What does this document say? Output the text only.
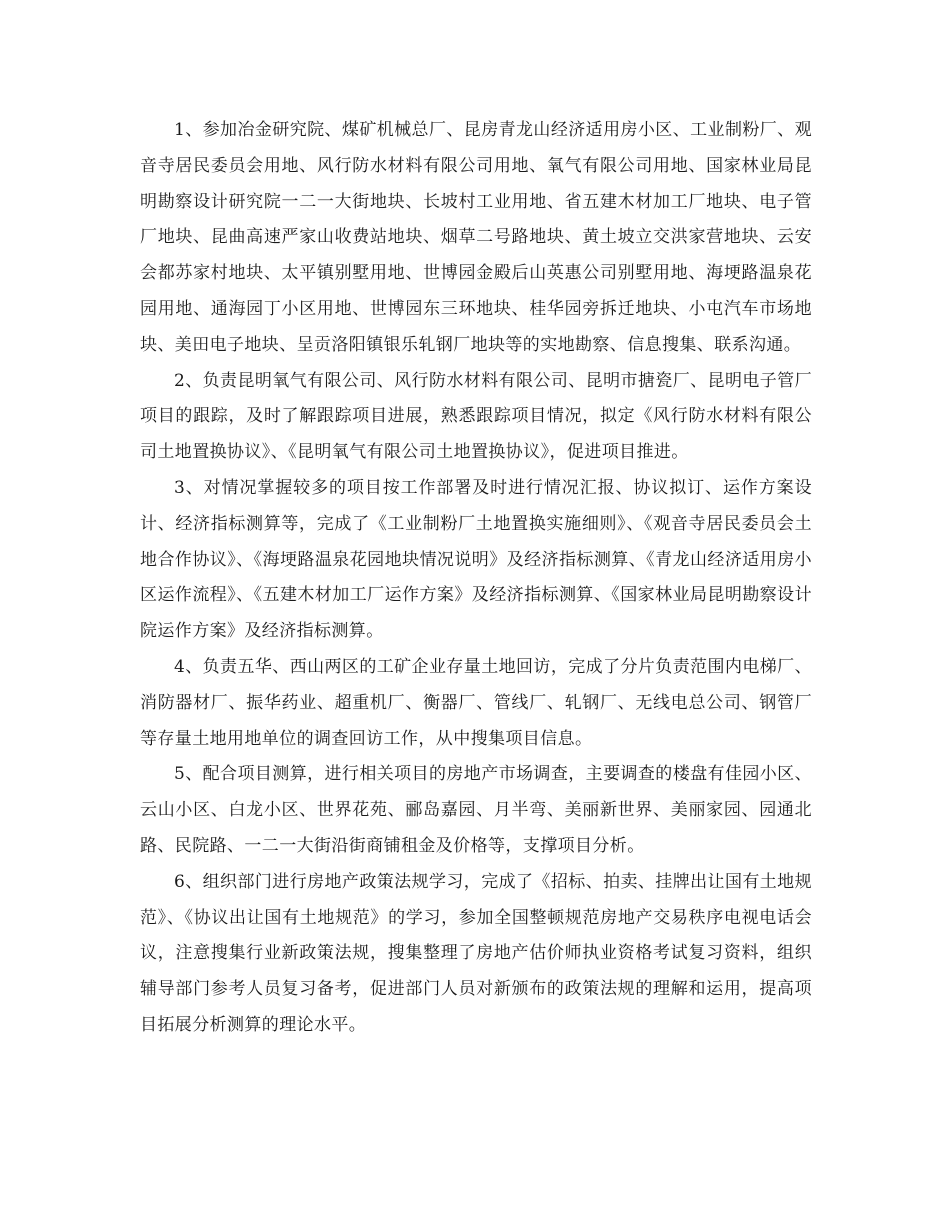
1、参加冶金研究院、煤矿机械总厂、昆房青龙山经济适用房小区、工业制粉厂、观音寺居民委员会用地、风行防水材料有限公司用地、氧气有限公司用地、国家林业局昆明勘察设计研究院一二一大街地块、长坡村工业用地、省五建木材加工厂地块、电子管厂地块、昆曲高速严家山收费站地块、烟草二号路地块、黄土坡立交洪家营地块、云安会都苏家村地块、太平镇别墅用地、世博园金殿后山英惠公司别墅用地、海埂路温泉花园用地、通海园丁小区用地、世博园东三环地块、桂华园旁拆迁地块、小屯汽车市场地块、美田电子地块、呈贡洛阳镇银乐轧钢厂地块等的实地勘察、信息搜集、联系沟通。

2、负责昆明氧气有限公司、风行防水材料有限公司、昆明市搪瓷厂、昆明电子管厂项目的跟踪，及时了解跟踪项目进展，熟悉跟踪项目情况，拟定《风行防水材料有限公司土地置换协议》、《昆明氧气有限公司土地置换协议》，促进项目推进。

3、对情况掌握较多的项目按工作部署及时进行情况汇报、协议拟订、运作方案设计、经济指标测算等，完成了《工业制粉厂土地置换实施细则》、《观音寺居民委员会土地合作协议》、《海埂路温泉花园地块情况说明》及经济指标测算、《青龙山经济适用房小区运作流程》、《五建木材加工厂运作方案》及经济指标测算、《国家林业局昆明勘察设计院运作方案》及经济指标测算。

4、负责五华、西山两区的工矿企业存量土地回访，完成了分片负责范围内电梯厂、消防器材厂、振华药业、超重机厂、衡器厂、管线厂、轧钢厂、无线电总公司、钢管厂等存量土地用地单位的调查回访工作，从中搜集项目信息。

5、配合项目测算，进行相关项目的房地产市场调查，主要调查的楼盘有佳园小区、云山小区、白龙小区、世界花苑、郦岛嘉园、月半弯、美丽新世界、美丽家园、园通北路、民院路、一二一大街沿街商铺租金及价格等，支撑项目分析。

6、组织部门进行房地产政策法规学习，完成了《招标、拍卖、挂牌出让国有土地规范》、《协议出让国有土地规范》的学习，参加全国整顿规范房地产交易秩序电视电话会议，注意搜集行业新政策法规，搜集整理了房地产估价师执业资格考试复习资料，组织辅导部门参考人员复习备考，促进部门人员对新颁布的政策法规的理解和运用，提高项目拓展分析测算的理论水平。
